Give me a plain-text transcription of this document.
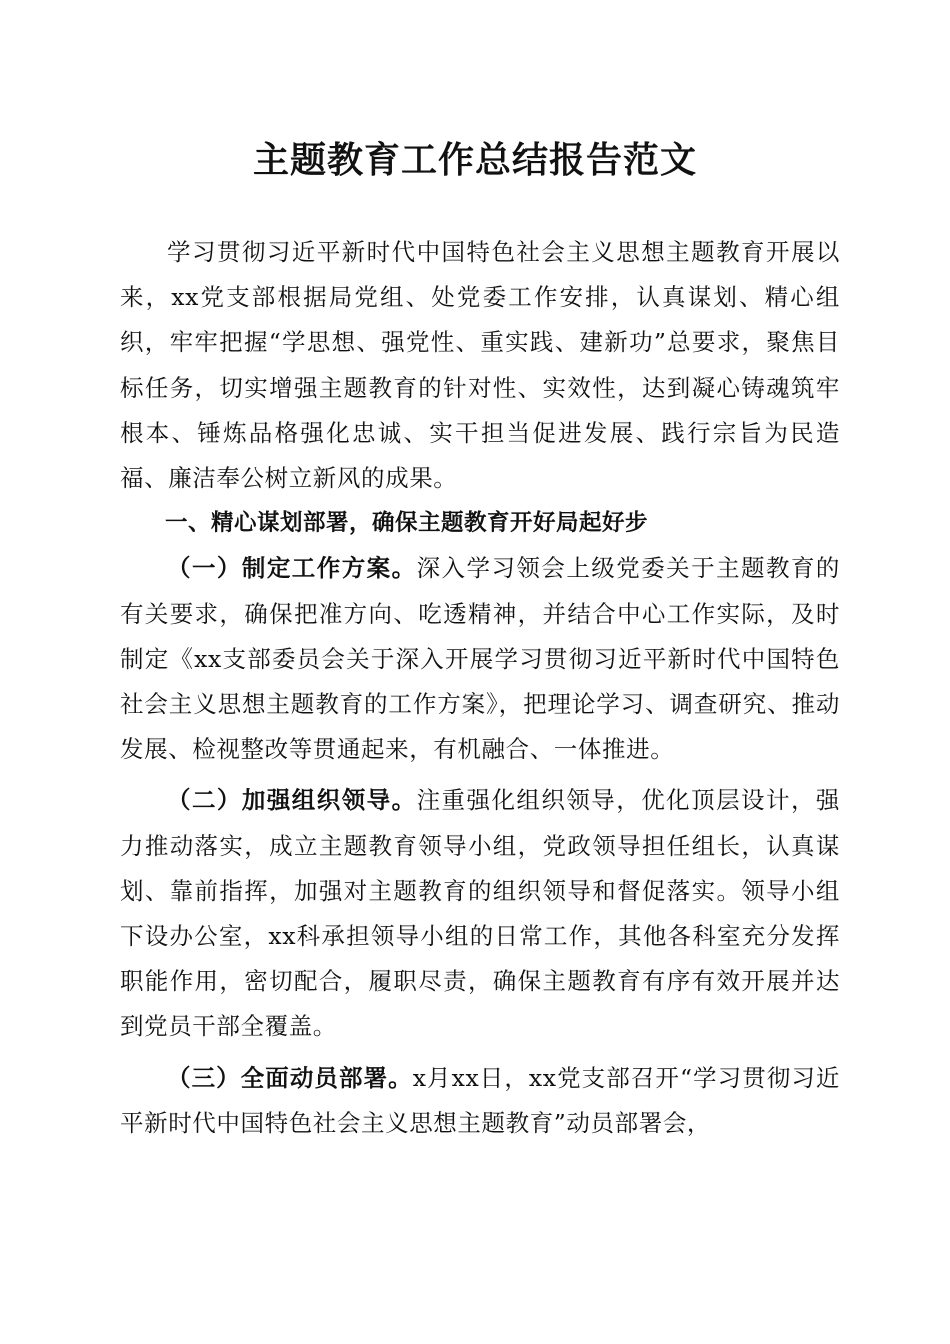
主题教育工作总结报告范文

学习贯彻习近平新时代中国特色社会主义思想主题教育开展以来，xx党支部根据局党组、处党委工作安排，认真谋划、精心组织，牢牢把握“学思想、强党性、重实践、建新功”总要求，聚焦目标任务，切实增强主题教育的针对性、实效性，达到凝心铸魂筑牢根本、锤炼品格强化忠诚、实干担当促进发展、践行宗旨为民造福、廉洁奉公树立新风的成果。

一、精心谋划部署，确保主题教育开好局起好步

（一）制定工作方案。深入学习领会上级党委关于主题教育的有关要求，确保把准方向、吃透精神，并结合中心工作实际，及时制定《xx支部委员会关于深入开展学习贯彻习近平新时代中国特色社会主义思想主题教育的工作方案》，把理论学习、调查研究、推动发展、检视整改等贯通起来，有机融合、一体推进。

（二）加强组织领导。注重强化组织领导，优化顶层设计，强力推动落实，成立主题教育领导小组，党政领导担任组长，认真谋划、靠前指挥，加强对主题教育的组织领导和督促落实。领导小组下设办公室，xx科承担领导小组的日常工作，其他各科室充分发挥职能作用，密切配合，履职尽责，确保主题教育有序有效开展并达到党员干部全覆盖。

（三）全面动员部署。x月xx日，xx党支部召开“学习贯彻习近平新时代中国特色社会主义思想主题教育”动员部署会，
